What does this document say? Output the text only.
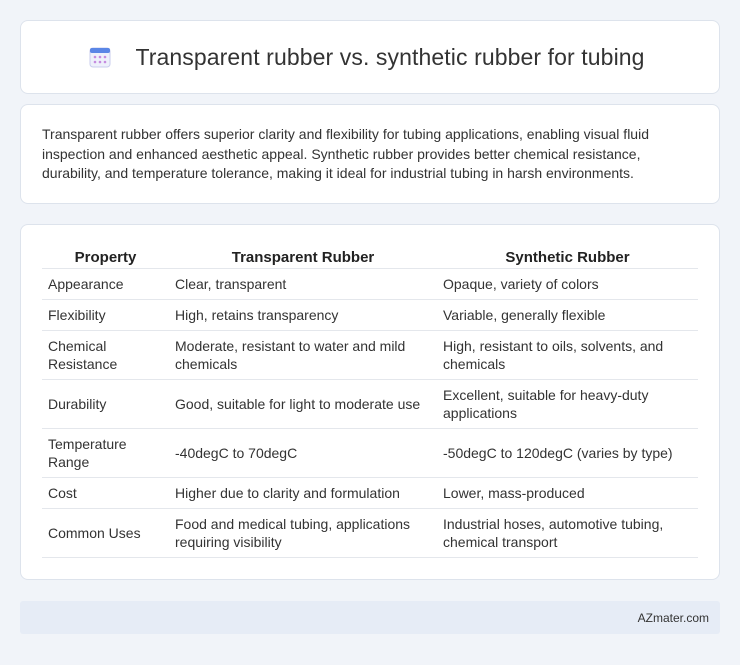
Transparent rubber vs. synthetic rubber for tubing

Transparent rubber offers superior clarity and flexibility for tubing applications, enabling visual fluid inspection and enhanced aesthetic appeal. Synthetic rubber provides better chemical resistance, durability, and temperature tolerance, making it ideal for industrial tubing in harsh environments.

Property	Transparent Rubber	Synthetic Rubber
Appearance	Clear, transparent	Opaque, variety of colors
Flexibility	High, retains transparency	Variable, generally flexible
Chemical Resistance	Moderate, resistant to water and mild chemicals	High, resistant to oils, solvents, and chemicals
Durability	Good, suitable for light to moderate use	Excellent, suitable for heavy-duty applications
Temperature Range	-40degC to 70degC	-50degC to 120degC (varies by type)
Cost	Higher due to clarity and formulation	Lower, mass-produced
Common Uses	Food and medical tubing, applications requiring visibility	Industrial hoses, automotive tubing, chemical transport
AZmater.com
